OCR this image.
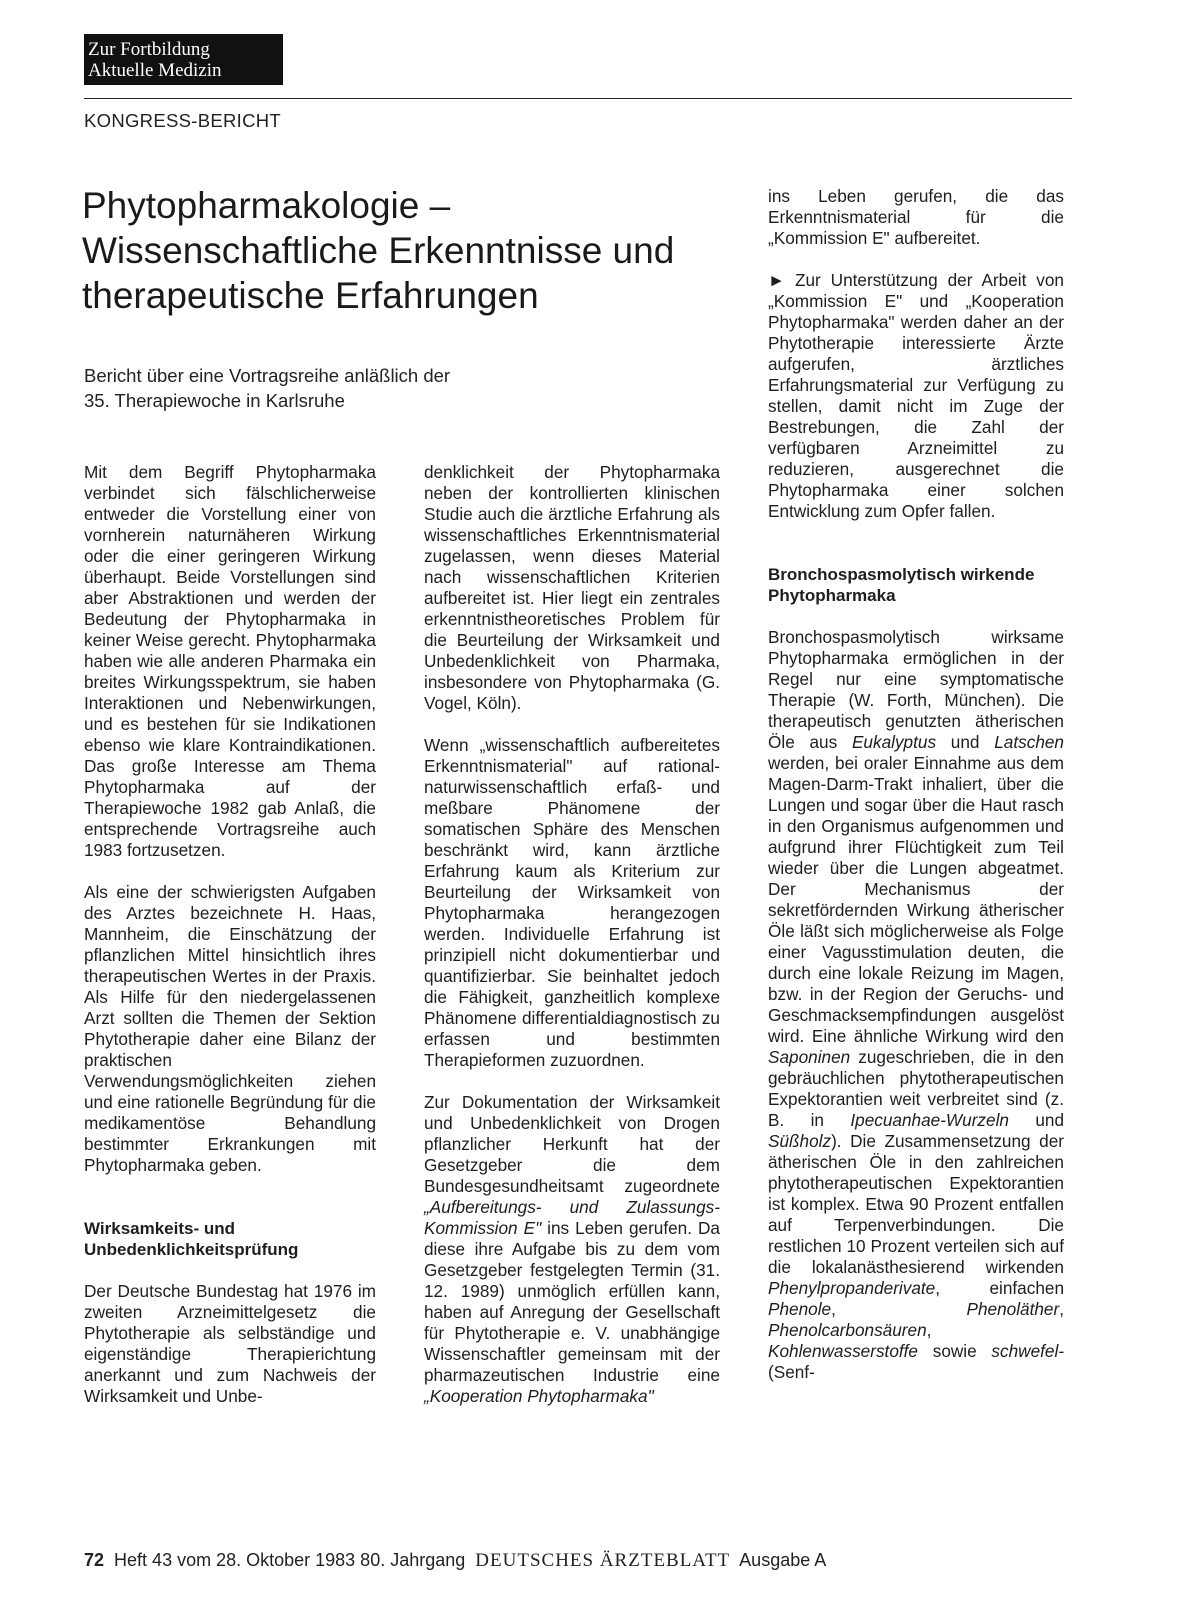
Zur Fortbildung
Aktuelle Medizin
KONGRESS-BERICHT
Phytopharmakologie –
Wissenschaftliche Erkenntnisse und
therapeutische Erfahrungen

Bericht über eine Vortragsreihe anläßlich der
35. Therapiewoche in Karlsruhe

Mit dem Begriff Phytopharmaka verbindet sich fälschlicherweise entweder die Vorstellung einer von vornherein naturnäheren Wirkung oder die einer geringeren Wirkung überhaupt. Beide Vorstellungen sind aber Abstraktionen und werden der Bedeutung der Phytopharmaka in keiner Weise gerecht. Phytopharmaka haben wie alle anderen Pharmaka ein breites Wirkungsspektrum, sie haben Interaktionen und Nebenwirkungen, und es bestehen für sie Indikationen ebenso wie klare Kontraindikationen. Das große Interesse am Thema Phytopharmaka auf der Therapiewoche 1982 gab Anlaß, die entsprechende Vortragsreihe auch 1983 fortzusetzen.

Als eine der schwierigsten Aufgaben des Arztes bezeichnete H. Haas, Mannheim, die Einschätzung der pflanzlichen Mittel hinsichtlich ihres therapeutischen Wertes in der Praxis. Als Hilfe für den niedergelassenen Arzt sollten die Themen der Sektion Phytotherapie daher eine Bilanz der praktischen Verwendungsmöglichkeiten ziehen und eine rationelle Begründung für die medikamentöse Behandlung bestimmter Erkrankungen mit Phytopharmaka geben.

Wirksamkeits- und Unbedenklichkeitsprüfung

Der Deutsche Bundestag hat 1976 im zweiten Arzneimittelgesetz die Phytotherapie als selbständige und eigenständige Therapierichtung anerkannt und zum Nachweis der Wirksamkeit und Unbe-

denklichkeit der Phytopharmaka neben der kontrollierten klinischen Studie auch die ärztliche Erfahrung als wissenschaftliches Erkenntnismaterial zugelassen, wenn dieses Material nach wissenschaftlichen Kriterien aufbereitet ist. Hier liegt ein zentrales erkenntnistheoretisches Problem für die Beurteilung der Wirksamkeit und Unbedenklichkeit von Pharmaka, insbesondere von Phytopharmaka (G. Vogel, Köln).

Wenn „wissenschaftlich aufbereitetes Erkenntnismaterial" auf rational-naturwissenschaftlich erfaß- und meßbare Phänomene der somatischen Sphäre des Menschen beschränkt wird, kann ärztliche Erfahrung kaum als Kriterium zur Beurteilung der Wirksamkeit von Phytopharmaka herangezogen werden. Individuelle Erfahrung ist prinzipiell nicht dokumentierbar und quantifizierbar. Sie beinhaltet jedoch die Fähigkeit, ganzheitlich komplexe Phänomene differentialdiagnostisch zu erfassen und bestimmten Therapieformen zuzuordnen.

Zur Dokumentation der Wirksamkeit und Unbedenklichkeit von Drogen pflanzlicher Herkunft hat der Gesetzgeber die dem Bundesgesundheitsamt zugeordnete „Aufbereitungs- und Zulassungs-Kommission E" ins Leben gerufen. Da diese ihre Aufgabe bis zu dem vom Gesetzgeber festgelegten Termin (31. 12. 1989) unmöglich erfüllen kann, haben auf Anregung der Gesellschaft für Phytotherapie e. V. unabhängige Wissenschaftler gemeinsam mit der pharmazeutischen Industrie eine „Kooperation Phytopharmaka"

ins Leben gerufen, die das Erkenntnismaterial für die „Kommission E" aufbereitet.

► Zur Unterstützung der Arbeit von „Kommission E" und „Kooperation Phytopharmaka" werden daher an der Phytotherapie interessierte Ärzte aufgerufen, ärztliches Erfahrungsmaterial zur Verfügung zu stellen, damit nicht im Zuge der Bestrebungen, die Zahl der verfügbaren Arzneimittel zu reduzieren, ausgerechnet die Phytopharmaka einer solchen Entwicklung zum Opfer fallen.

Bronchospasmolytisch wirkende Phytopharmaka

Bronchospasmolytisch wirksame Phytopharmaka ermöglichen in der Regel nur eine symptomatische Therapie (W. Forth, München). Die therapeutisch genutzten ätherischen Öle aus Eukalyptus und Latschen werden, bei oraler Einnahme aus dem Magen-Darm-Trakt inhaliert, über die Lungen und sogar über die Haut rasch in den Organismus aufgenommen und aufgrund ihrer Flüchtigkeit zum Teil wieder über die Lungen abgeatmet. Der Mechanismus der sekretfördernden Wirkung ätherischer Öle läßt sich möglicherweise als Folge einer Vagusstimulation deuten, die durch eine lokale Reizung im Magen, bzw. in der Region der Geruchs- und Geschmacksempfindungen ausgelöst wird. Eine ähnliche Wirkung wird den Saponinen zugeschrieben, die in den gebräuchlichen phytotherapeutischen Expektorantien weit verbreitet sind (z. B. in Ipecuanhae-Wurzeln und Süßholz). Die Zusammensetzung der ätherischen Öle in den zahlreichen phytotherapeutischen Expektorantien ist komplex. Etwa 90 Prozent entfallen auf Terpenverbindungen. Die restlichen 10 Prozent verteilen sich auf die lokalanästhesierend wirkenden Phenylpropanderivate, einfachen Phenole, Phenoläther, Phenolcarbonsäuren, Kohlenwasserstoffe sowie schwefel- (Senf-

72 Heft 43 vom 28. Oktober 1983 80. Jahrgang DEUTSCHES ÄRZTEBLATT Ausgabe A
